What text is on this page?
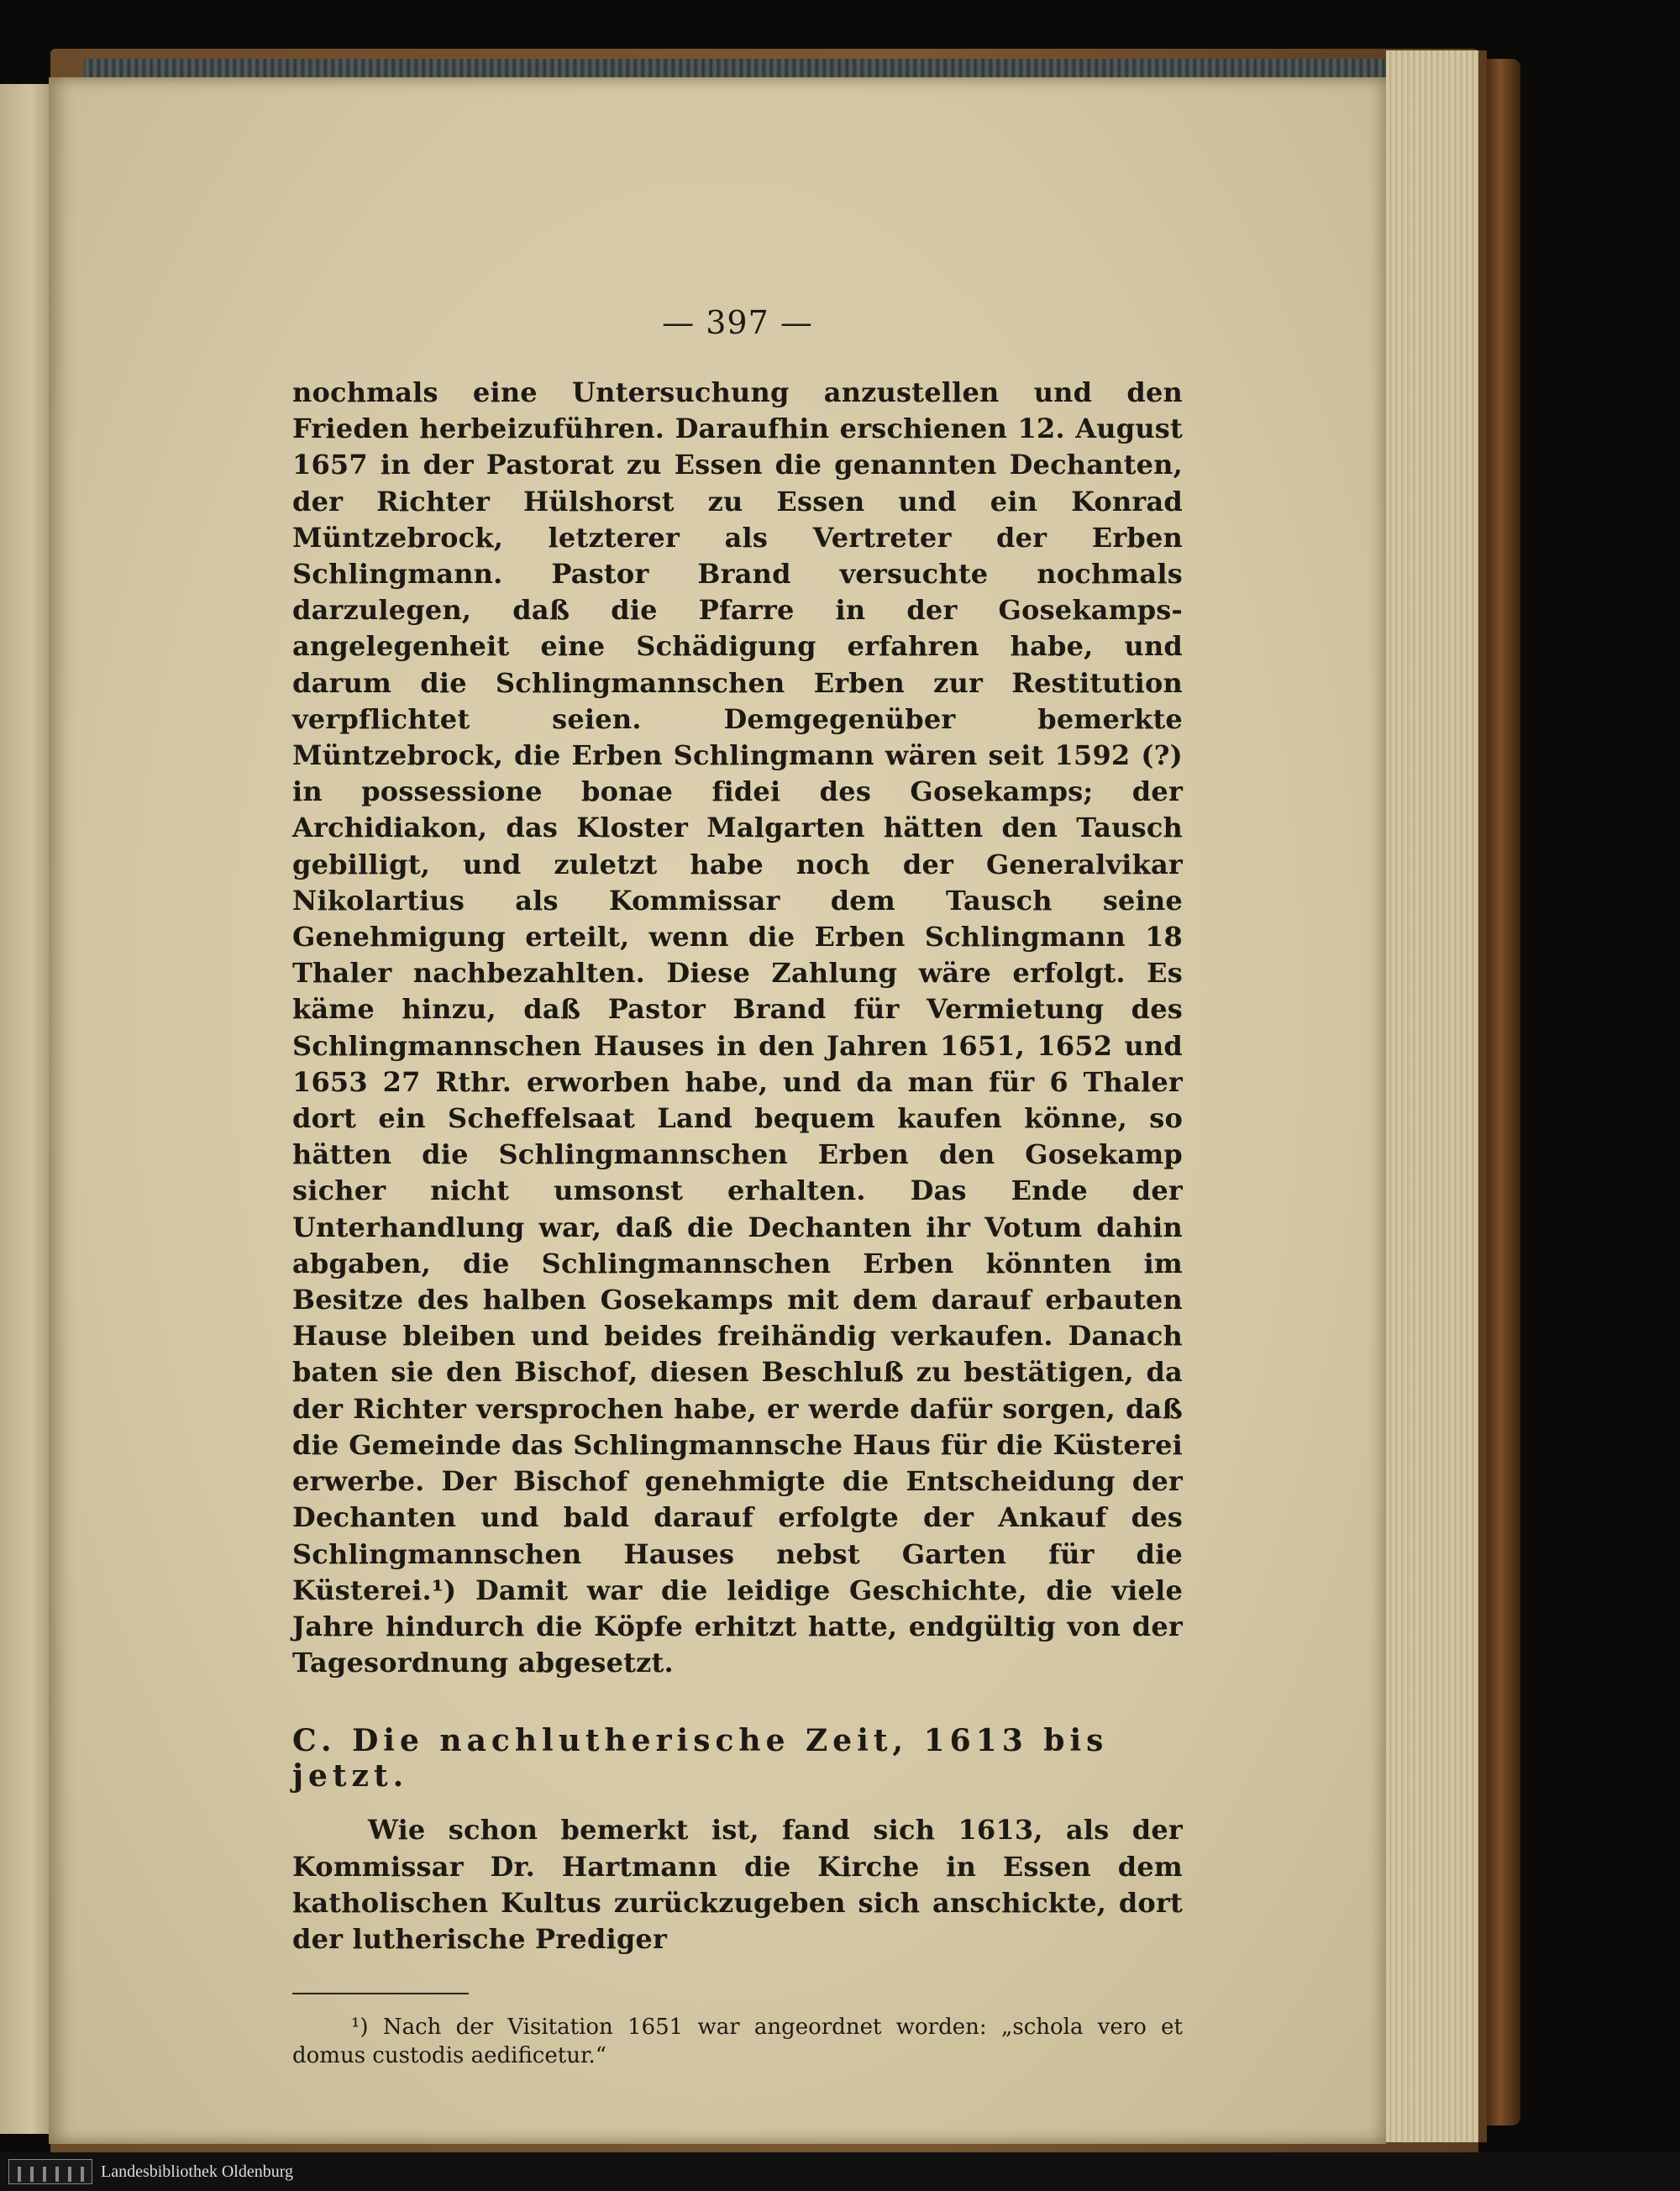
— 397 —
nochmals eine Untersuchung anzustellen und den Frieden herbeizuführen. Daraufhin erschienen 12. August 1657 in der Pastorat zu Essen die genannten Dechanten, der Richter Hülshorst zu Essen und ein Konrad Müntzebrock, letzterer als Vertreter der Erben Schlingmann. Pastor Brand versuchte nochmals darzulegen, daß die Pfarre in der Gosekamps-angelegenheit eine Schädigung erfahren habe, und darum die Schlingmannschen Erben zur Restitution verpflichtet seien. Demgegenüber bemerkte Müntzebrock, die Erben Schlingmann wären seit 1592 (?) in possessione bonae fidei des Gosekamps; der Archidiakon, das Kloster Malgarten hätten den Tausch gebilligt, und zuletzt habe noch der Generalvikar Nikolartius als Kommissar dem Tausch seine Genehmigung erteilt, wenn die Erben Schlingmann 18 Thaler nachbezahlten. Diese Zahlung wäre erfolgt. Es käme hinzu, daß Pastor Brand für Vermietung des Schlingmannschen Hauses in den Jahren 1651, 1652 und 1653 27 Rthr. erworben habe, und da man für 6 Thaler dort ein Scheffelsaat Land bequem kaufen könne, so hätten die Schlingmannschen Erben den Gosekamp sicher nicht umsonst erhalten. Das Ende der Unterhandlung war, daß die Dechanten ihr Votum dahin abgaben, die Schlingmannschen Erben könnten im Besitze des halben Gosekamps mit dem darauf erbauten Hause bleiben und beides freihändig verkaufen. Danach baten sie den Bischof, diesen Beschluß zu bestätigen, da der Richter versprochen habe, er werde dafür sorgen, daß die Gemeinde das Schlingmannsche Haus für die Küsterei erwerbe. Der Bischof genehmigte die Entscheidung der Dechanten und bald darauf erfolgte der Ankauf des Schlingmannschen Hauses nebst Garten für die Küsterei.¹) Damit war die leidige Geschichte, die viele Jahre hindurch die Köpfe erhitzt hatte, endgültig von der Tagesordnung abgesetzt.
C. Die nachlutherische Zeit, 1613 bis jetzt.
Wie schon bemerkt ist, fand sich 1613, als der Kommissar Dr. Hartmann die Kirche in Essen dem katholischen Kultus zurückzugeben sich anschickte, dort der lutherische Prediger
¹) Nach der Visitation 1651 war angeordnet worden: „schola vero et domus custodis aedificetur.“
Landesbibliothek Oldenburg
